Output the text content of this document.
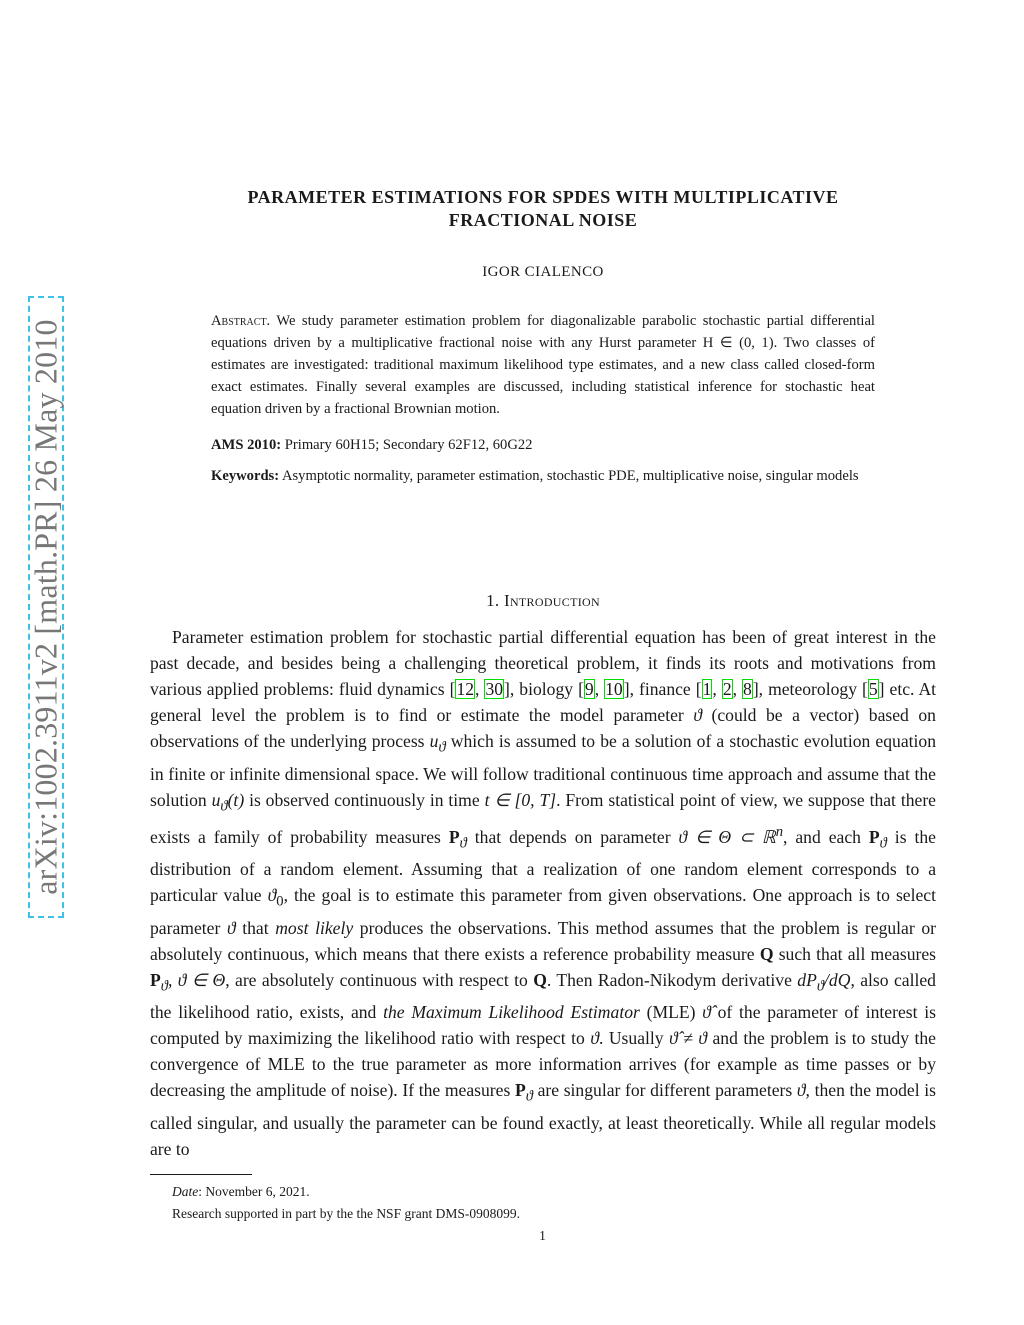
arXiv:1002.3911v2 [math.PR] 26 May 2010
PARAMETER ESTIMATIONS FOR SPDES WITH MULTIPLICATIVE
FRACTIONAL NOISE
IGOR CIALENCO
Abstract. We study parameter estimation problem for diagonalizable parabolic stochastic partial differential equations driven by a multiplicative fractional noise with any Hurst parameter H ∈ (0, 1). Two classes of estimates are investigated: traditional maximum likelihood type estimates, and a new class called closed-form exact estimates. Finally several examples are discussed, including statistical inference for stochastic heat equation driven by a fractional Brownian motion.
AMS 2010: Primary 60H15; Secondary 62F12, 60G22
Keywords: Asymptotic normality, parameter estimation, stochastic PDE, multiplicative noise, singular models
1. Introduction

Parameter estimation problem for stochastic partial differential equation has been of great interest in the past decade, and besides being a challenging theoretical problem, it finds its roots and motivations from various applied problems: fluid dynamics [12, 30], biology [9, 10], finance [1, 2, 8], meteorology [5] etc. At general level the problem is to find or estimate the model parameter ϑ (could be a vector) based on observations of the underlying process $u_ϑ$ which is assumed to be a solution of a stochastic evolution equation in finite or infinite dimensional space. We will follow traditional continuous time approach and assume that the solution $u_ϑ(t)$ is observed continuously in time t ∈ [0, T]. From statistical point of view, we suppose that there exists a family of probability measures $P_ϑ$ that depends on parameter ϑ ∈ Θ ⊂ ℝ$^n$, and each $P_ϑ$ is the distribution of a random element. Assuming that a realization of one random element corresponds to a particular value $ϑ_0$, the goal is to estimate this parameter from given observations. One approach is to select parameter ϑ that most likely produces the observations. This method assumes that the problem is regular or absolutely continuous, which means that there exists a reference probability measure Q such that all measures $P_ϑ$, ϑ ∈ Θ, are absolutely continuous with respect to Q. Then Radon-Nikodym derivative $dP_ϑ/dQ$, also called the likelihood ratio, exists, and the Maximum Likelihood Estimator (MLE) ϑ̂ of the parameter of interest is computed by maximizing the likelihood ratio with respect to ϑ. Usually ϑ̂ ≠ ϑ and the problem is to study the convergence of MLE to the true parameter as more information arrives (for example as time passes or by decreasing the amplitude of noise). If the measures $P_ϑ$ are singular for different parameters ϑ, then the model is called singular, and usually the parameter can be found exactly, at least theoretically. While all regular models are to

Date: November 6, 2021.
Research supported in part by the the NSF grant DMS-0908099.
1
